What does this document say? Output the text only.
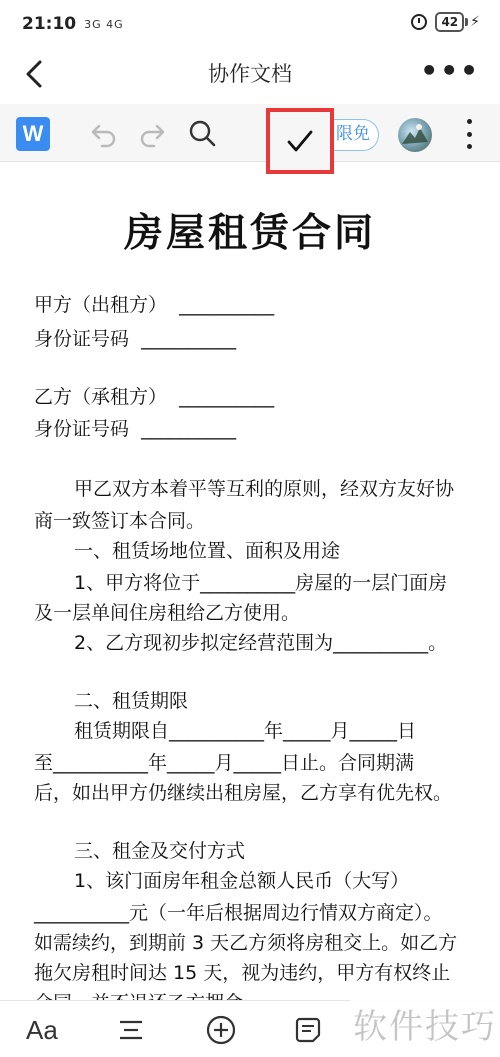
21:10 3G 4G	42 ⚡
协作文档	•••
W	限免
房屋租赁合同
甲方（出租方）  __________
身份证号码  __________
乙方（承租方）  __________
身份证号码  __________
甲乙双方本着平等互利的原则，经双方友好协
商一致签订本合同。
一、租赁场地位置、面积及用途
1、甲方将位于__________房屋的一层门面房
及一层单间住房租给乙方使用。
2、乙方现初步拟定经营范围为__________。
二、租赁期限
租赁期限自__________年_____月_____日
至__________年_____月_____日止。合同期满
后，如出甲方仍继续出租房屋，乙方享有优先权。
三、租金及交付方式
1、该门面房年租金总额人民币（大写）
__________元（一年后根据周边行情双方商定）。
如需续约，到期前 3 天乙方须将房租交上。如乙方
拖欠房租时间达 15 天，视为违约，甲方有权终止
Aa	软件技巧
